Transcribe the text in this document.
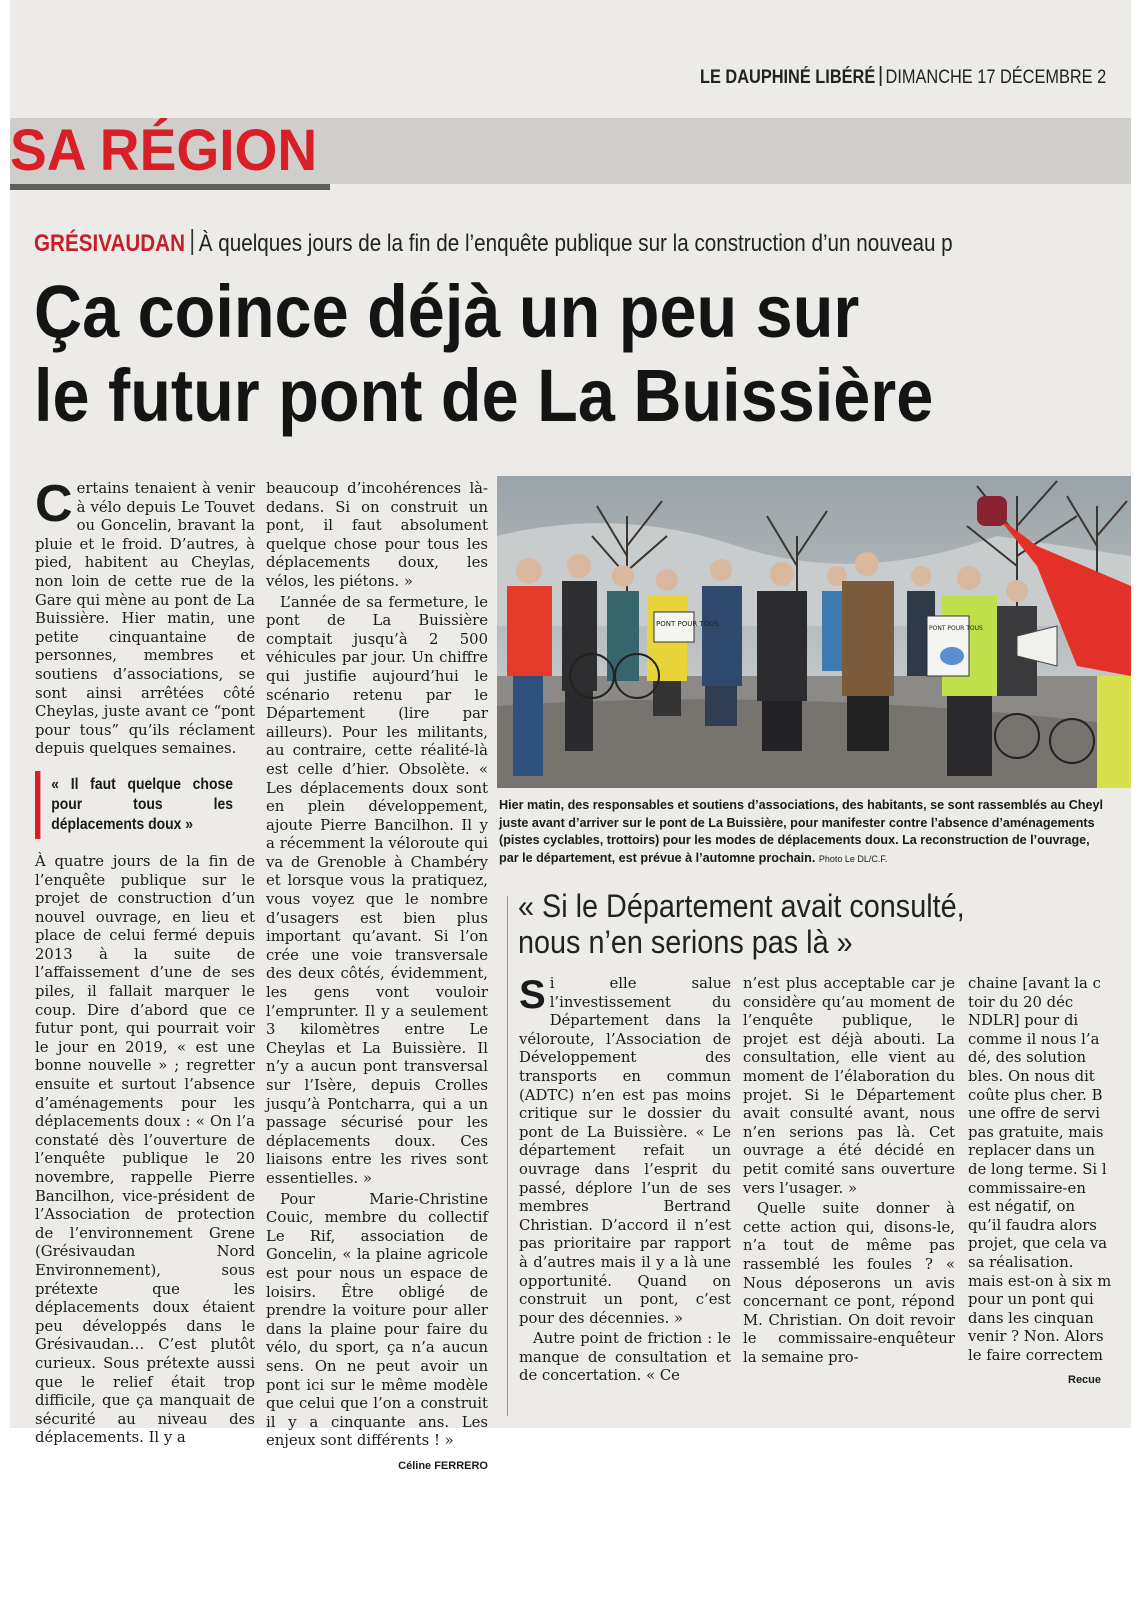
LE DAUPHINÉ LIBÉRÉ DIMANCHE 17 DÉCEMBRE 2
SA RÉGION
GRÉSIVAUDAN À quelques jours de la fin de l’enquête publique sur la construction d’un nouveau p
Ça coince déjà un peu sur
le futur pont de La Buissière

Certains tenaient à venir à vélo depuis Le Touvet ou Goncelin, bravant la pluie et le froid. D’autres, à pied, habitent au Cheylas, non loin de cette rue de la Gare qui mène au pont de La Buissière. Hier matin, une petite cinquantaine de personnes, membres et soutiens d’associations, se sont ainsi arrêtées côté Cheylas, juste avant ce “pont pour tous” qu’ils réclament depuis quelques semaines.

« Il faut quelque chose pour tous les déplacements doux »

À quatre jours de la fin de l’enquête publique sur le projet de construction d’un nouvel ouvrage, en lieu et place de celui fermé depuis 2013 à la suite de l’affaissement d’une de ses piles, il fallait marquer le coup. Dire d’abord que ce futur pont, qui pourrait voir le jour en 2019, « est une bonne nouvelle » ; regretter ensuite et surtout l’absence d’aménagements pour les déplacements doux : « On l’a constaté dès l’ouverture de l’enquête publique le 20 novembre, rappelle Pierre Bancilhon, vice-président de l’Association de protection de l’environnement Grene (Grésivaudan Nord Environnement), sous prétexte que les déplacements doux étaient peu développés dans le Grésivaudan… C’est plutôt curieux. Sous prétexte aussi que le relief était trop difficile, que ça manquait de sécurité au niveau des déplacements. Il y a

beaucoup d’incohérences là-dedans. Si on construit un pont, il faut absolument quelque chose pour tous les déplacements doux, les vélos, les piétons. »

L’année de sa fermeture, le pont de La Buissière comptait jusqu’à 2 500 véhicules par jour. Un chiffre qui justifie aujourd’hui le scénario retenu par le Département (lire par ailleurs). Pour les militants, au contraire, cette réalité-là est celle d’hier. Obsolète. « Les déplacements doux sont en plein développement, ajoute Pierre Bancilhon. Il y a récemment la véloroute qui va de Grenoble à Chambéry et lorsque vous la pratiquez, vous voyez que le nombre d’usagers est bien plus important qu’avant. Si l’on crée une voie transversale des deux côtés, évidemment, les gens vont vouloir l’emprunter. Il y a seulement 3 kilomètres entre Le Cheylas et La Buissière. Il n’y a aucun pont transversal sur l’Isère, depuis Crolles jusqu’à Pontcharra, qui a un passage sécurisé pour les déplacements doux. Ces liaisons entre les rives sont essentielles. »

Pour Marie-Christine Couic, membre du collectif Le Rif, association de Goncelin, « la plaine agricole est pour nous un espace de loisirs. Être obligé de prendre la voiture pour aller dans la plaine pour faire du vélo, du sport, ça n’a aucun sens. On ne peut avoir un pont ici sur le même modèle que celui que l’on a construit il y a cinquante ans. Les enjeux sont différents ! »

Céline FERRERO
PONT POUR TOUS
PONT POUR TOUS
Hier matin, des responsables et soutiens d’associations, des habitants, se sont rassemblés au Cheyl
juste avant d’arriver sur le pont de La Buissière, pour manifester contre l’absence d’aménagements
(pistes cyclables, trottoirs) pour les modes de déplacements doux. La reconstruction de l’ouvrage,
par le département, est prévue à l’automne prochain. Photo Le DL/C.F.
« Si le Département avait consulté,
nous n’en serions pas là »

Si elle salue l’investissement du Département dans la véloroute, l’Association de Développement des transports en commun (ADTC) n’en est pas moins critique sur le dossier du pont de La Buissière. « Le département refait un ouvrage dans l’esprit du passé, déplore l’un de ses membres Bertrand Christian. D’accord il n’est pas prioritaire par rapport à d’autres mais il y a là une opportunité. Quand on construit un pont, c’est pour des décennies. »

Autre point de friction : le manque de consultation et de concertation. « Ce

n’est plus acceptable car je considère qu’au moment de l’enquête publique, le projet est déjà abouti. La consultation, elle vient au moment de l’élaboration du projet. Si le Département avait consulté avant, nous n’en serions pas là. Cet ouvrage a été décidé en petit comité sans ouverture vers l’usager. »

Quelle suite donner à cette action qui, disons-le, n’a tout de même pas rassemblé les foules ? « Nous déposerons un avis concernant ce pont, répond M. Christian. On doit revoir le commissaire-enquêteur la semaine pro-

chaine [avant la c
toir du 20 déc
NDLR] pour di
comme il nous l’a
dé, des solution
bles. On nous dit
coûte plus cher. B
une offre de servi
pas gratuite, mais
replacer dans un
de long terme. Si l
commissaire-en
est négatif, on
qu’il faudra alors
projet, que cela va
sa réalisation.
mais est-on à six m
pour un pont qui
dans les cinquan
venir ? Non. Alors
le faire correctem
Recue
